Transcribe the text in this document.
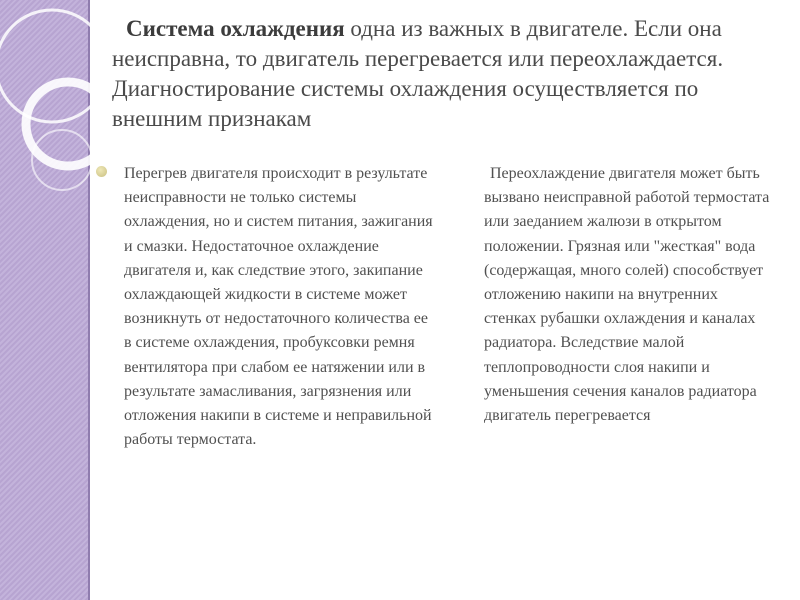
Система охлаждения одна из важных в двигателе. Если она неисправна, то двигатель перегревается или переохлаждается. Диагностирование системы охлаждения осуществляется по внешним признакам
Перегрев двигателя происходит в результате неисправности не только системы охлаждения, но и систем питания, зажигания и смазки. Недостаточное охлаждение двигателя и, как следствие этого, закипание охлаждающей жидкости в системе может возникнуть от недостаточного количества ее в системе охлаждения, пробуксовки ремня вентилятора при слабом ее натяжении или в результате замасливания, загрязнения или отложения накипи в системе и неправильной работы термостата.
Переохлаждение двигателя может быть вызвано неисправной работой термостата или заеданием жалюзи в открытом положении. Грязная или "жесткая" вода (содержащая, много солей) способствует отложению накипи на внутренних стенках рубашки охлаждения и каналах радиатора. Вследствие малой теплопроводности слоя накипи и уменьшения сечения каналов радиатора двигатель перегревается
